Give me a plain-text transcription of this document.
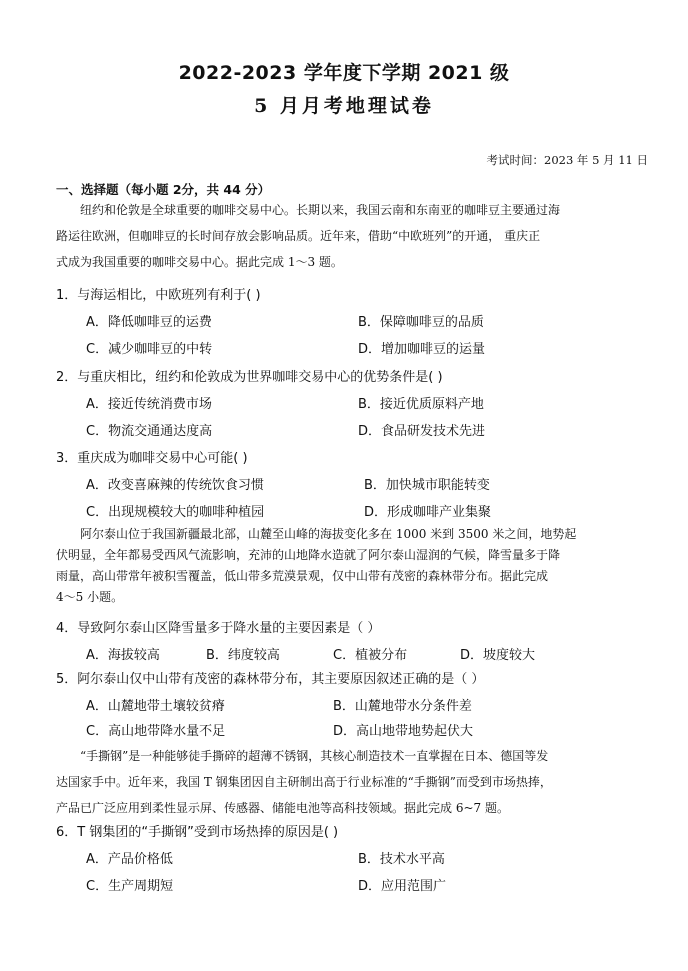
2022-2023 学年度下学期 2021 级
5 月月考地理试卷
考试时间：2023 年 5 月 11 日
一、选择题（每小题 2分，共 44 分）
纽约和伦敦是全球重要的咖啡交易中心。长期以来，我国云南和东南亚的咖啡豆主要通过海
路运往欧洲，但咖啡豆的长时间存放会影响品质。近年来，借助“中欧班列”的开通， 重庆正
式成为我国重要的咖啡交易中心。据此完成 1～3 题。
1．与海运相比，中欧班列有利于( )
A．降低咖啡豆的运费	B．保障咖啡豆的品质
C．减少咖啡豆的中转	D．增加咖啡豆的运量
2．与重庆相比，纽约和伦敦成为世界咖啡交易中心的优势条件是( )
A．接近传统消费市场	B．接近优质原料产地
C．物流交通通达度高	D．食品研发技术先进
3．重庆成为咖啡交易中心可能( )
A．改变喜麻辣的传统饮食习惯	B．加快城市职能转变
C．出现规模较大的咖啡种植园	D．形成咖啡产业集聚
阿尔泰山位于我国新疆最北部，山麓至山峰的海拔变化多在 1000 米到 3500 米之间，地势起
伏明显，全年都易受西风气流影响，充沛的山地降水造就了阿尔泰山湿润的气候，降雪量多于降
雨量，高山带常年被积雪覆盖，低山带多荒漠景观，仅中山带有茂密的森林带分布。据此完成
4～5 小题。
4．导致阿尔泰山区降雪量多于降水量的主要因素是（ ）
A．海拔较高	B．纬度较高	C．植被分布	D．坡度较大
5．阿尔泰山仅中山带有茂密的森林带分布，其主要原因叙述正确的是（ ）
A．山麓地带土壤较贫瘠	B．山麓地带水分条件差
C．高山地带降水量不足	D．高山地带地势起伏大
“手撕钢”是一种能够徒手撕碎的超薄不锈钢，其核心制造技术一直掌握在日本、德国等发
达国家手中。近年来，我国 T 钢集团因自主研制出高于行业标准的“手撕钢”而受到市场热捧，
产品已广泛应用到柔性显示屏、传感器、储能电池等高科技领域。据此完成 6~7 题。
6．T 钢集团的“手撕钢”受到市场热捧的原因是( )
A．产品价格低	B．技术水平高
C．生产周期短	D．应用范围广
